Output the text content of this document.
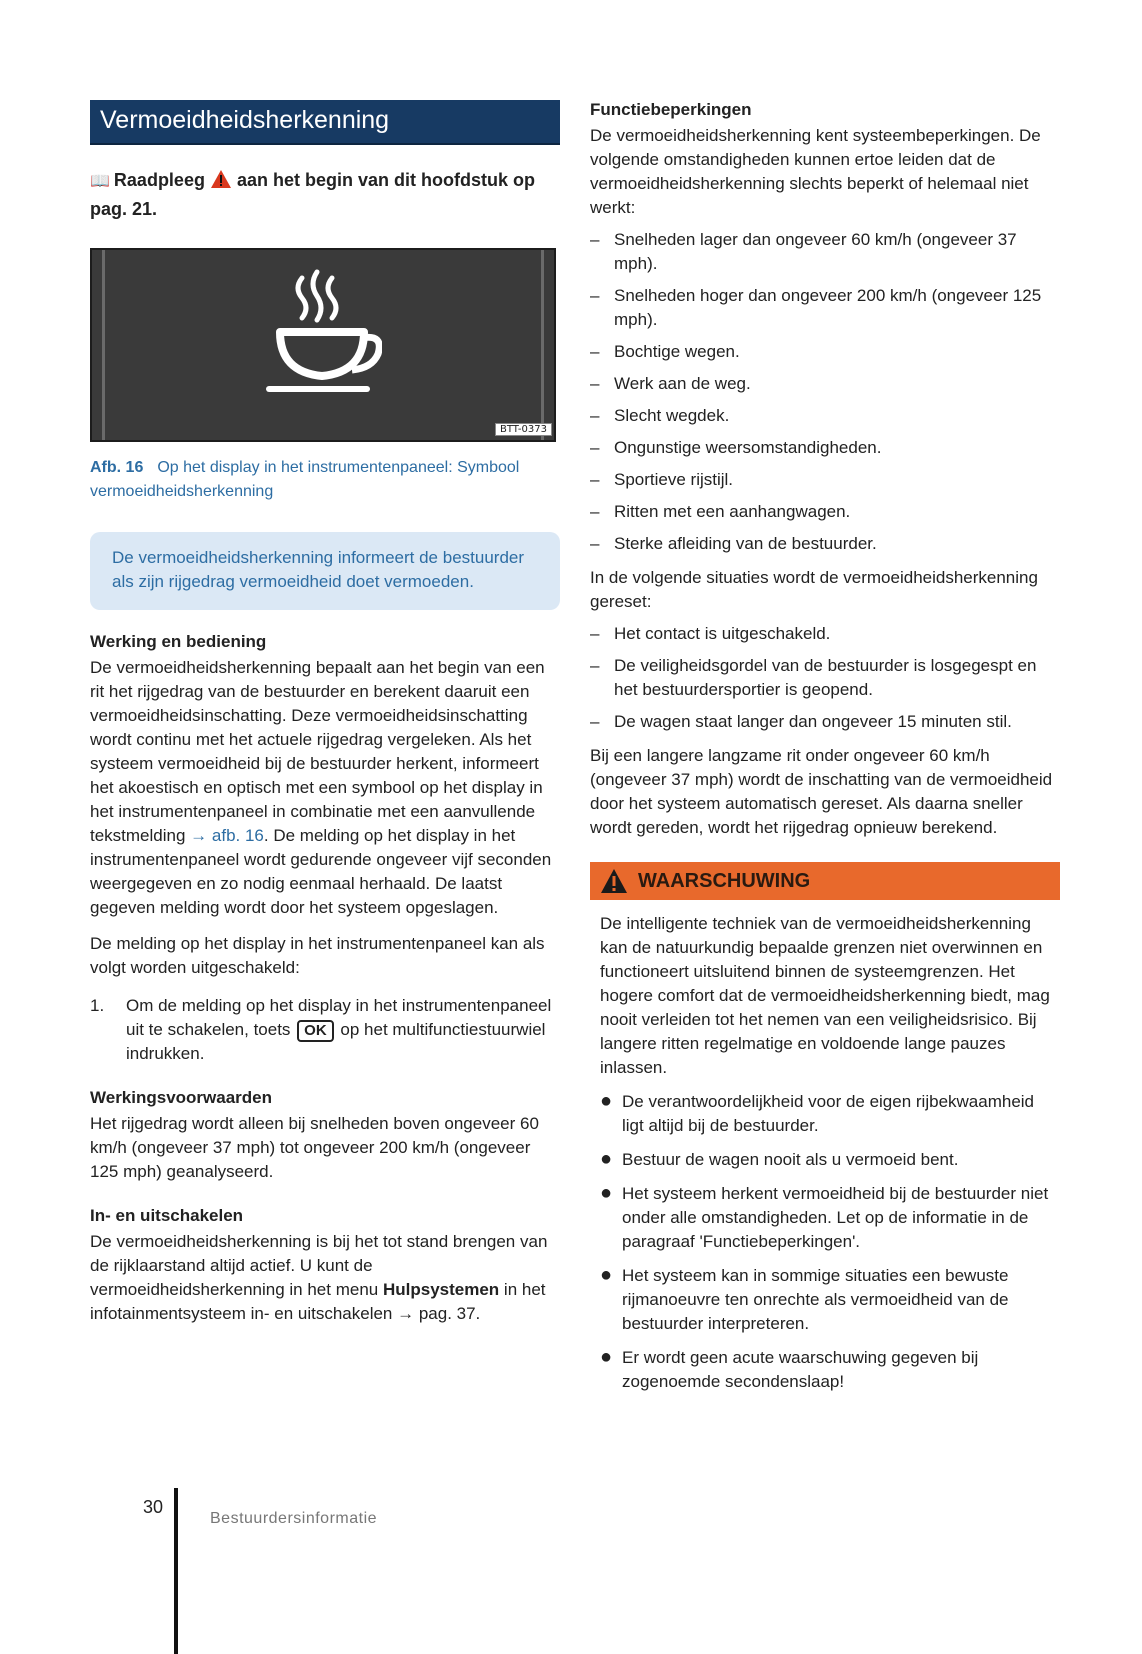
Vermoeidheidsherkenning
📖 Raadpleeg aan het begin van dit hoofdstuk op pag. 21.
BTT-0373
Afb. 16 Op het display in het instrumentenpaneel: Symbool vermoeidheidsherkenning
De vermoeidheidsherkenning informeert de bestuurder als zijn rijgedrag vermoeidheid doet vermoeden.
Werking en bediening

De vermoeidheidsherkenning bepaalt aan het begin van een rit het rijgedrag van de bestuurder en berekent daaruit een vermoeidheidsinschatting. Deze vermoeidheidsinschatting wordt continu met het actuele rijgedrag vergeleken. Als het systeem vermoeidheid bij de bestuurder herkent, informeert het akoestisch en optisch met een symbool op het display in het instrumentenpaneel in combinatie met een aanvullende tekstmelding → afb. 16. De melding op het display in het instrumentenpaneel wordt gedurende ongeveer vijf seconden weergegeven en zo nodig eenmaal herhaald. De laatst gegeven melding wordt door het systeem opgeslagen.

De melding op het display in het instrumentenpaneel kan als volgt worden uitgeschakeld:

1.	Om de melding op het display in het instrumentenpaneel uit te schakelen, toets OK op het multifunctiestuurwiel indrukken.
Werkingsvoorwaarden

Het rijgedrag wordt alleen bij snelheden boven ongeveer 60 km/h (ongeveer 37 mph) tot ongeveer 200 km/h (ongeveer 125 mph) geanalyseerd.

In- en uitschakelen

De vermoeidheidsherkenning is bij het tot stand brengen van de rijklaarstand altijd actief. U kunt de vermoeidheidsherkenning in het menu Hulpsystemen in het infotainmentsysteem in- en uitschakelen → pag. 37.

Functiebeperkingen

De vermoeidheidsherkenning kent systeembeperkingen. De volgende omstandigheden kunnen ertoe leiden dat de vermoeidheidsherkenning slechts beperkt of helemaal niet werkt:

– Snelheden lager dan ongeveer 60 km/h (ongeveer 37 mph).
– Snelheden hoger dan ongeveer 200 km/h (ongeveer 125 mph).
– Bochtige wegen.
– Werk aan de weg.
– Slecht wegdek.
– Ongunstige weersomstandigheden.
– Sportieve rijstijl.
– Ritten met een aanhangwagen.
– Sterke afleiding van de bestuurder.

In de volgende situaties wordt de vermoeidheidsherkenning gereset:

– Het contact is uitgeschakeld.
– De veiligheidsgordel van de bestuurder is losgegespt en het bestuurdersportier is geopend.
– De wagen staat langer dan ongeveer 15 minuten stil.

Bij een langere langzame rit onder ongeveer 60 km/h (ongeveer 37 mph) wordt de inschatting van de vermoeidheid door het systeem automatisch gereset. Als daarna sneller wordt gereden, wordt het rijgedrag opnieuw berekend.

WAARSCHUWING

De intelligente techniek van de vermoeidheidsherkenning kan de natuurkundig bepaalde grenzen niet overwinnen en functioneert uitsluitend binnen de systeemgrenzen. Het hogere comfort dat de vermoeidheidsherkenning biedt, mag nooit verleiden tot het nemen van een veiligheidsrisico. Bij langere ritten regelmatige en voldoende lange pauzes inlassen.

● De verantwoordelijkheid voor de eigen rijbekwaamheid ligt altijd bij de bestuurder.
● Bestuur de wagen nooit als u vermoeid bent.
● Het systeem herkent vermoeidheid bij de bestuurder niet onder alle omstandigheden. Let op de informatie in de paragraaf 'Functiebeperkingen'.
● Het systeem kan in sommige situaties een bewuste rijmanoeuvre ten onrechte als vermoeidheid van de bestuurder interpreteren.
● Er wordt geen acute waarschuwing gegeven bij zogenoemde secondenslaap!
30
Bestuurdersinformatie
